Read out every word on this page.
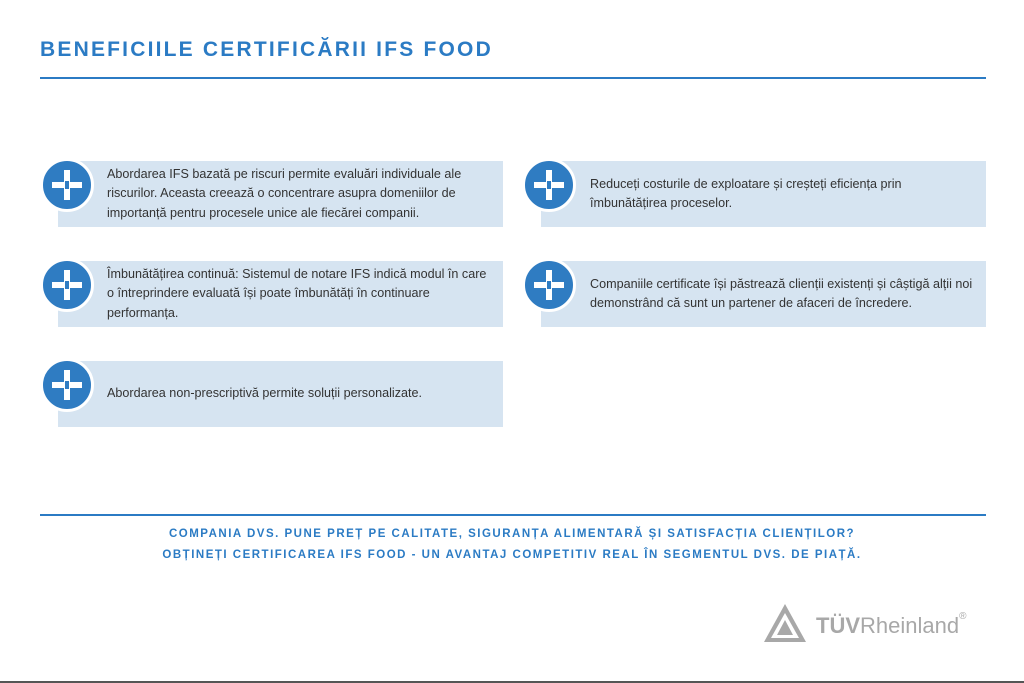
BENEFICIILE CERTIFICĂRII IFS FOOD
Abordarea IFS bazată pe riscuri permite evaluări individuale ale riscurilor. Aceasta creează o concentrare asupra domeniilor de importanță pentru procesele unice ale fiecărei companii.
Reduceți costurile de exploatare și creșteți eficiența prin îmbunătățirea proceselor.
Îmbunătățirea continuă: Sistemul de notare IFS indică modul în care o întreprindere evaluată își poate îmbunătăți în continuare performanța.
Companiile certificate își păstrează clienții existenți și câștigă alții noi demonstrând că sunt un partener de afaceri de încredere.
Abordarea non-prescriptivă permite soluții personalizate.
COMPANIA DVS. PUNE PREȚ PE CALITATE, SIGURANȚA ALIMENTARĂ ȘI SATISFACȚIA CLIENȚILOR?
OBȚINEȚI CERTIFICAREA IFS FOOD - UN AVANTAJ COMPETITIV REAL ÎN SEGMENTUL DVS. DE PIAȚĂ.
TÜVRheinland®
